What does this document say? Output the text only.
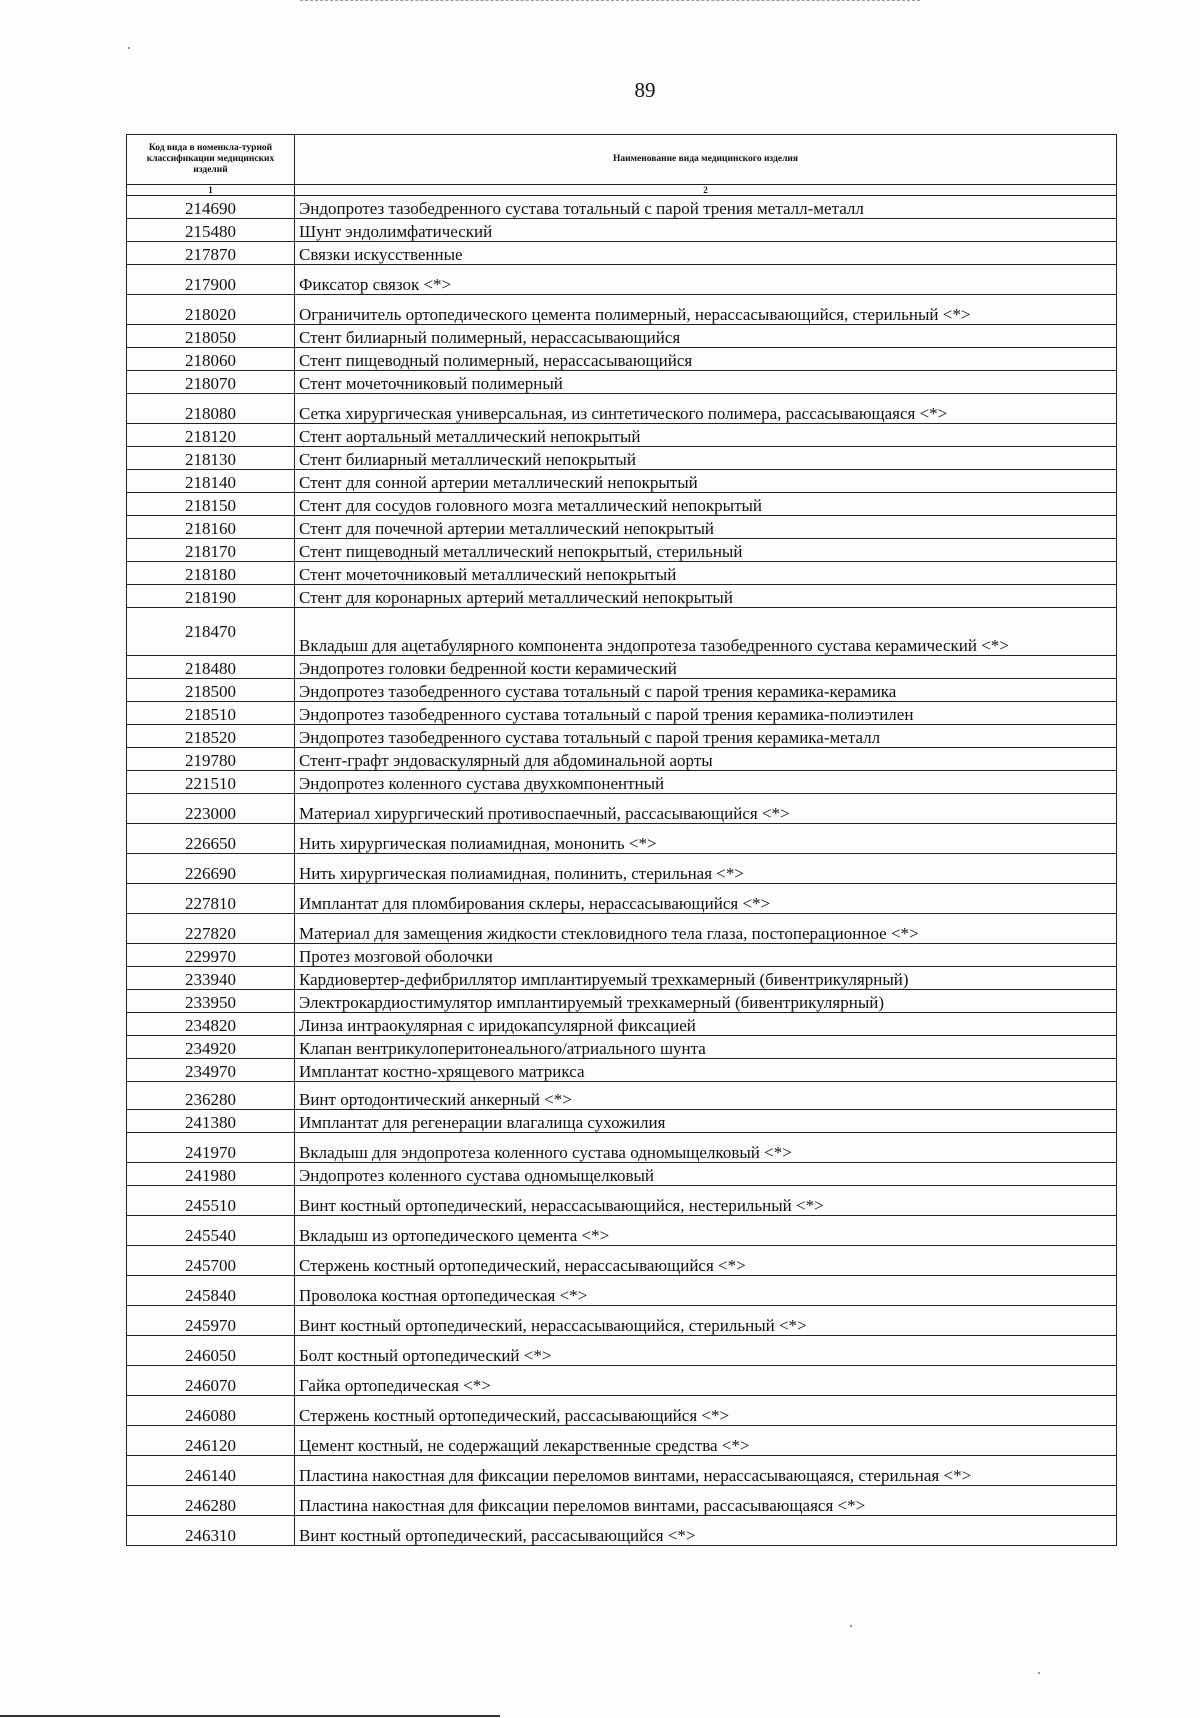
89
Код вида в номенкла-турной классификации медицинских изделий	Наименование вида медицинского изделия
1	2
214690	Эндопротез тазобедренного сустава тотальный с парой трения металл-металл
215480	Шунт эндолимфатический
217870	Связки искусственные
217900	Фиксатор связок <*>
218020	Ограничитель ортопедического цемента полимерный, нерассасывающийся, стерильный <*>
218050	Стент билиарный полимерный, нерассасывающийся
218060	Стент пищеводный полимерный, нерассасывающийся
218070	Стент мочеточниковый полимерный
218080	Сетка хирургическая универсальная, из синтетического полимера, рассасывающаяся <*>
218120	Стент аортальный металлический непокрытый
218130	Стент билиарный металлический непокрытый
218140	Стент для сонной артерии металлический непокрытый
218150	Стент для сосудов головного мозга металлический непокрытый
218160	Стент для почечной артерии металлический непокрытый
218170	Стент пищеводный металлический непокрытый, стерильный
218180	Стент мочеточниковый металлический непокрытый
218190	Стент для коронарных артерий металлический непокрытый
218470	Вкладыш для ацетабулярного компонента эндопротеза тазобедренного сустава керамический <*>
218480	Эндопротез головки бедренной кости керамический
218500	Эндопротез тазобедренного сустава тотальный с парой трения керамика-керамика
218510	Эндопротез тазобедренного сустава тотальный с парой трения керамика-полиэтилен
218520	Эндопротез тазобедренного сустава тотальный с парой трения керамика-металл
219780	Стент-графт эндоваскулярный для абдоминальной аорты
221510	Эндопротез коленного сустава двухкомпонентный
223000	Материал хирургический противоспаечный, рассасывающийся <*>
226650	Нить хирургическая полиамидная, мононить <*>
226690	Нить хирургическая полиамидная, полинить, стерильная <*>
227810	Имплантат для пломбирования склеры, нерассасывающийся <*>
227820	Материал для замещения жидкости стекловидного тела глаза, постоперационное <*>
229970	Протез мозговой оболочки
233940	Кардиовертер-дефибриллятор имплантируемый трехкамерный (бивентрикулярный)
233950	Электрокардиостимулятор имплантируемый трехкамерный (бивентрикулярный)
234820	Линза интраокулярная с иридокапсулярной фиксацией
234920	Клапан вентрикулоперитонеального/атриального шунта
234970	Имплантат костно-хрящевого матрикса
236280	Винт ортодонтический анкерный <*>
241380	Имплантат для регенерации влагалища сухожилия
241970	Вкладыш для эндопротеза коленного сустава одномыщелковый <*>
241980	Эндопротез коленного сустава одномыщелковый
245510	Винт костный ортопедический, нерассасывающийся, нестерильный <*>
245540	Вкладыш из ортопедического цемента <*>
245700	Стержень костный ортопедический, нерассасывающийся <*>
245840	Проволока костная ортопедическая <*>
245970	Винт костный ортопедический, нерассасывающийся, стерильный <*>
246050	Болт костный ортопедический <*>
246070	Гайка ортопедическая <*>
246080	Стержень костный ортопедический, рассасывающийся <*>
246120	Цемент костный, не содержащий лекарственные средства <*>
246140	Пластина накостная для фиксации переломов винтами, нерассасывающаяся, стерильная <*>
246280	Пластина накостная для фиксации переломов винтами, рассасывающаяся <*>
246310	Винт костный ортопедический, рассасывающийся <*>
